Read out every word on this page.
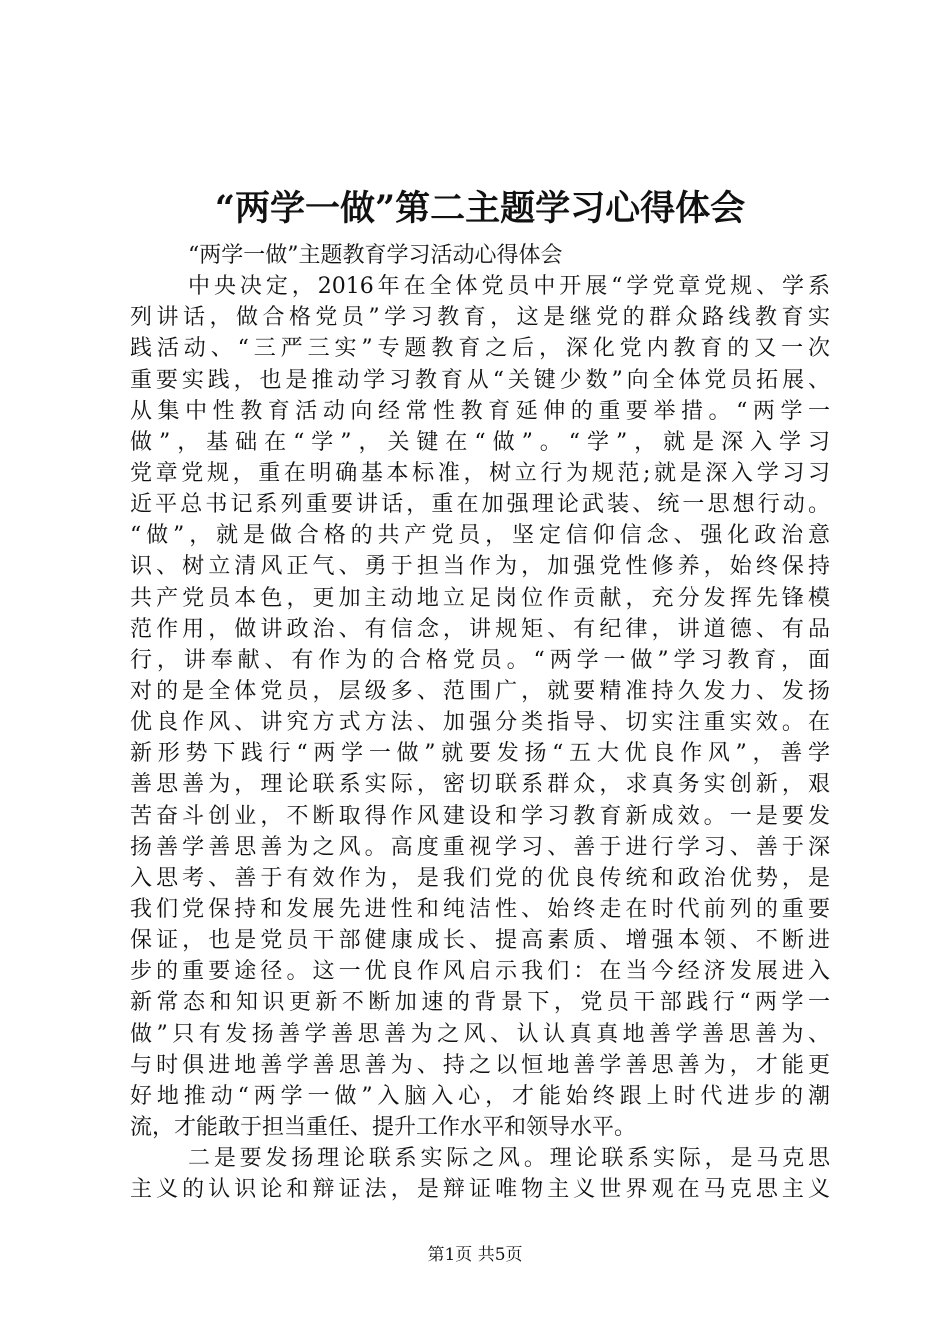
“两学一做”第二主题学习心得体会
“两学一做”主题教育学习活动心得体会
中央决定，2016年在全体党员中开展“学党章党规、学系
列讲话，做合格党员”学习教育，这是继党的群众路线教育实
践活动、“三严三实”专题教育之后，深化党内教育的又一次
重要实践，也是推动学习教育从“关键少数”向全体党员拓展、
从集中性教育活动向经常性教育延伸的重要举措。“两学一
做”，基础在“学”，关键在“做”。“学”，就是深入学习
党章党规，重在明确基本标准，树立行为规范;就是深入学习习
近平总书记系列重要讲话，重在加强理论武装、统一思想行动。
“做”，就是做合格的共产党员，坚定信仰信念、强化政治意
识、树立清风正气、勇于担当作为，加强党性修养，始终保持
共产党员本色，更加主动地立足岗位作贡献，充分发挥先锋模
范作用，做讲政治、有信念，讲规矩、有纪律，讲道德、有品
行，讲奉献、有作为的合格党员。“两学一做”学习教育，面
对的是全体党员，层级多、范围广，就要精准持久发力、发扬
优良作风、讲究方式方法、加强分类指导、切实注重实效。在
新形势下践行“两学一做”就要发扬“五大优良作风”，善学
善思善为，理论联系实际，密切联系群众，求真务实创新，艰
苦奋斗创业，不断取得作风建设和学习教育新成效。一是要发
扬善学善思善为之风。高度重视学习、善于进行学习、善于深
入思考、善于有效作为，是我们党的优良传统和政治优势，是
我们党保持和发展先进性和纯洁性、始终走在时代前列的重要
保证，也是党员干部健康成长、提高素质、增强本领、不断进
步的重要途径。这一优良作风启示我们：在当今经济发展进入
新常态和知识更新不断加速的背景下，党员干部践行“两学一
做”只有发扬善学善思善为之风、认认真真地善学善思善为、
与时俱进地善学善思善为、持之以恒地善学善思善为，才能更
好地推动“两学一做”入脑入心，才能始终跟上时代进步的潮
流，才能敢于担当重任、提升工作水平和领导水平。
二是要发扬理论联系实际之风。理论联系实际，是马克思
主义的认识论和辩证法，是辩证唯物主义世界观在马克思主义
第1页 共5页
